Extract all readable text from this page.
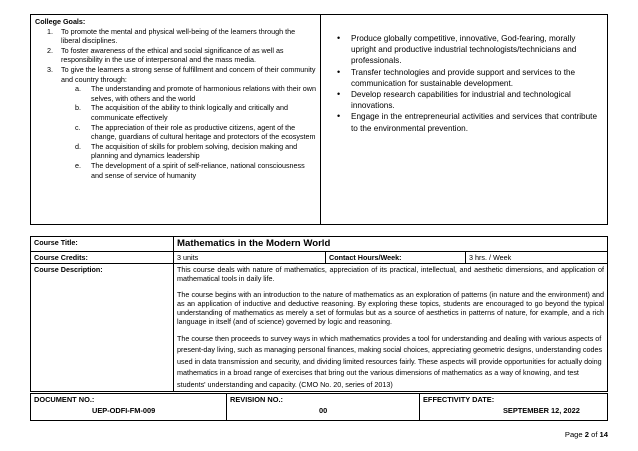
College Goals:
1.	To promote the mental and physical well-being of the learners through the liberal disciplines.
2.	To foster awareness of the ethical and social significance of as well as responsibility in the use of interpersonal and the mass media.
3.	To give the learners a strong sense of fulfillment and concern of their community and country through:
a.	The understanding and promote of harmonious relations with their own selves, with others and the world
b.	The acquisition of the ability to think logically and critically and communicate effectively
c.	The appreciation of their role as productive citizens, agent of the change, guardians of cultural heritage and protectors of the ecosystem
d.	The acquisition of skills for problem solving, decision making and planning and dynamics leadership
e.	The development of a spirit of self-reliance, national consciousness and sense of service of humanity
•	Produce globally competitive, innovative, God-fearing, morally upright and productive industrial technologists/technicians and professionals.
•	Transfer technologies and provide support and services to the communication for sustainable development.
•	Develop research capabilities for industrial and technological innovations.
•	Engage in the entrepreneurial activities and services that contribute to the environmental prevention.
Course Title:	Mathematics in the Modern World
Course Credits:	3 units	Contact Hours/Week:	3 hrs. / Week
Course Description:	This course deals with nature of mathematics, appreciation of its practical, intellectual, and aesthetic dimensions, and application of mathematical tools in daily life.

The course begins with an introduction to the nature of mathematics as an exploration of patterns (in nature and the environment) and as an application of inductive and deductive reasoning. By exploring these topics, students are encouraged to go beyond the typical understanding of mathematics as merely a set of formulas but as a source of aesthetics in patterns of nature, for example, and a rich language in itself (and of science) governed by logic and reasoning.

The course then proceeds to survey ways in which mathematics provides a tool for understanding and dealing with various aspects of present-day living, such as managing personal finances, making social choices, appreciating geometric designs, understanding codes used in data transmission and security, and dividing limited resources fairly. These aspects will provide opportunities for actually doing mathematics in a broad range of exercises that bring out the various dimensions of mathematics as a way of knowing, and test students' understanding and capacity. (CMO No. 20, series of 2013)

DOCUMENT NO.:
UEP-ODFI-FM-009
REVISION NO.:
00
EFFECTIVITY DATE:
SEPTEMBER 12, 2022
Page 2 of 14
